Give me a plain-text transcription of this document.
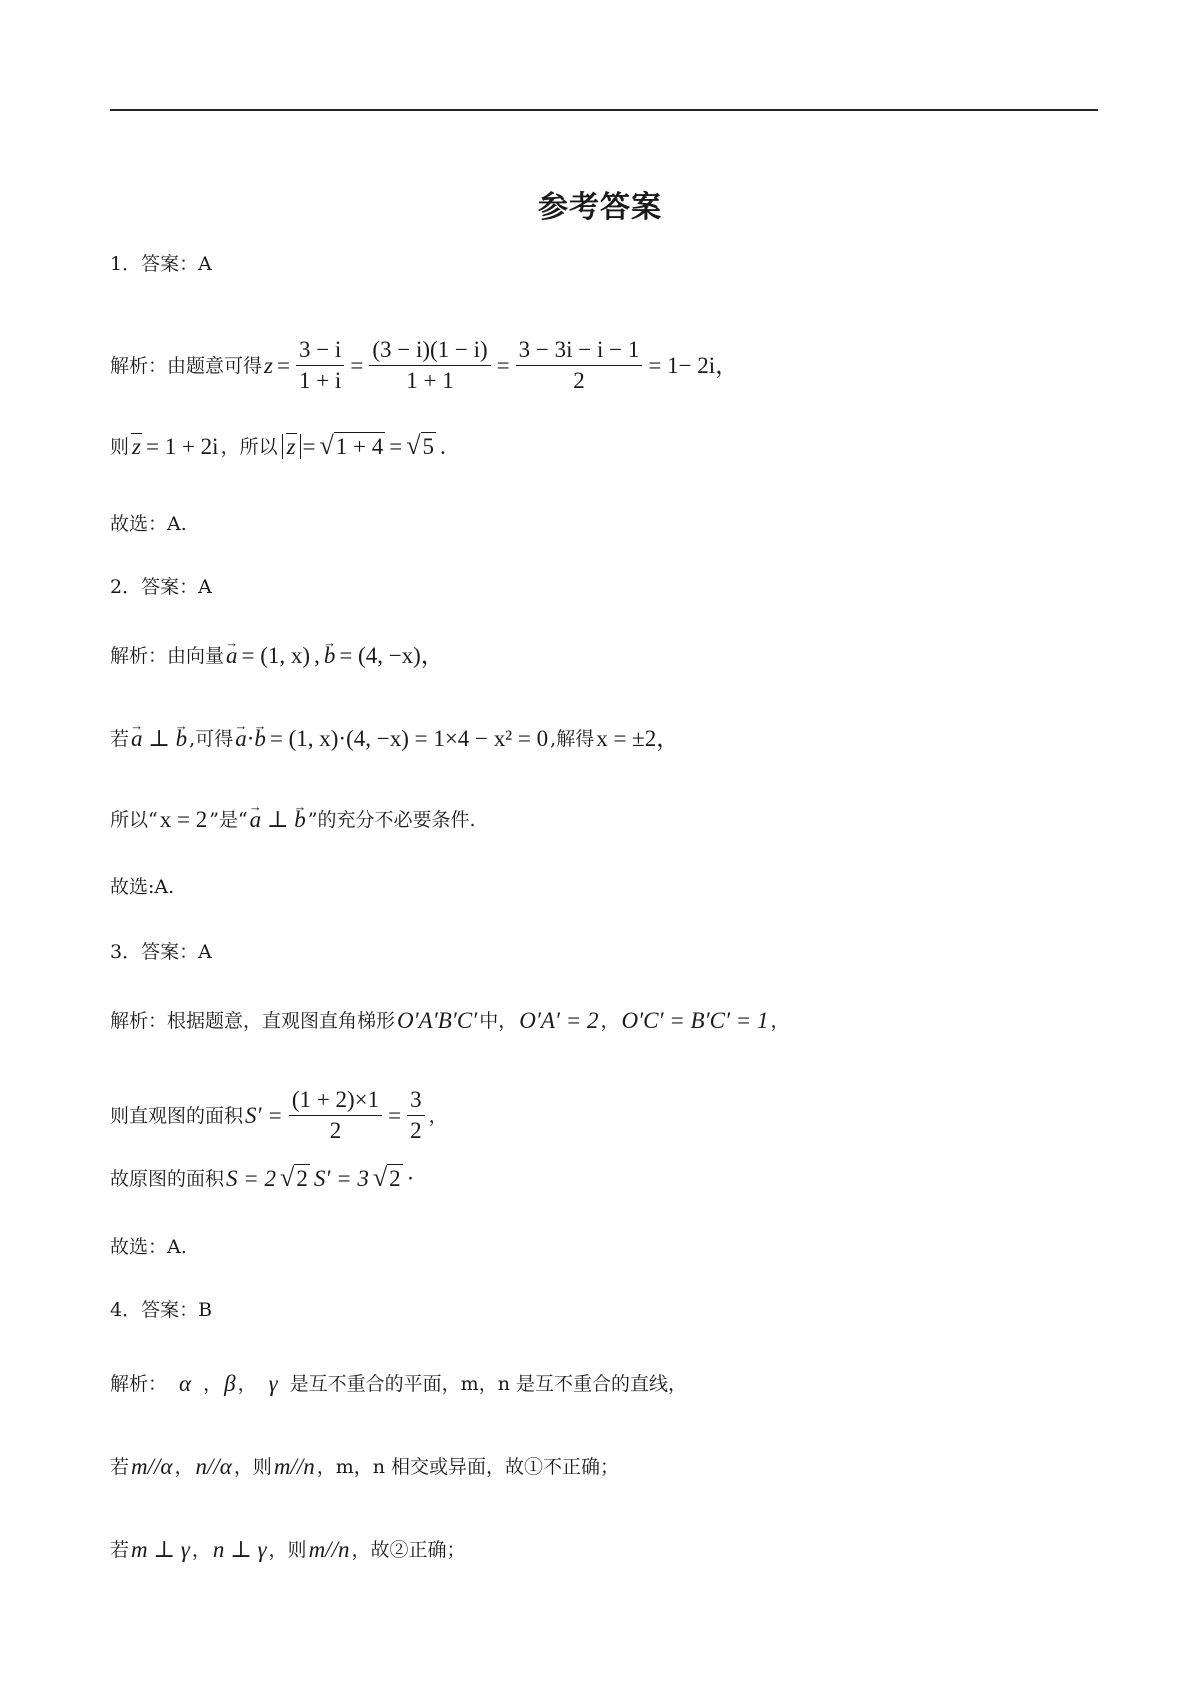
参考答案
1．答案：A
解析：由题意可得 $z = \frac{3 - i}{1 + i} = \frac{(3 - i)(1 - i)}{1 + 1} = \frac{3 - 3i - i - 1}{2} = 1- 2i$，
则 z = 1 + 2i ，所以 z = √ 1 + 4 = √ 5 .
故选：A.
2．答案：A
解析：由向量 → a = (1, x) , → b = (4, −x)，
若 → a ⊥ → b ,可得 → a·→ b = (1, x)·(4, −x) = 1×4 − x² = 0 ,解得 x = ±2，
所以“ x = 2 ”是“ → a ⊥ → b ”的充分不必要条件.
故选:A.
3．答案：A
解析：根据题意，直观图直角梯形 O′A′B′C′ 中， O′A′ = 2 ， O′C′ = B′C′ = 1 ，
则直观图的面积 $S' = \frac{(1 + 2)\times 1}{2} = \frac{3}{2}$ ，
故原图的面积 S = 2 √ 2 S′ = 3 √ 2 ·
故选：A.
4．答案：B
解析： α ， β ， γ 是互不重合的平面，m，n 是互不重合的直线，
若 m//α ， n//α ，则 m//n ，m，n 相交或异面，故①不正确；
若 m ⊥ γ ， n ⊥ γ ，则 m//n ，故②正确；
